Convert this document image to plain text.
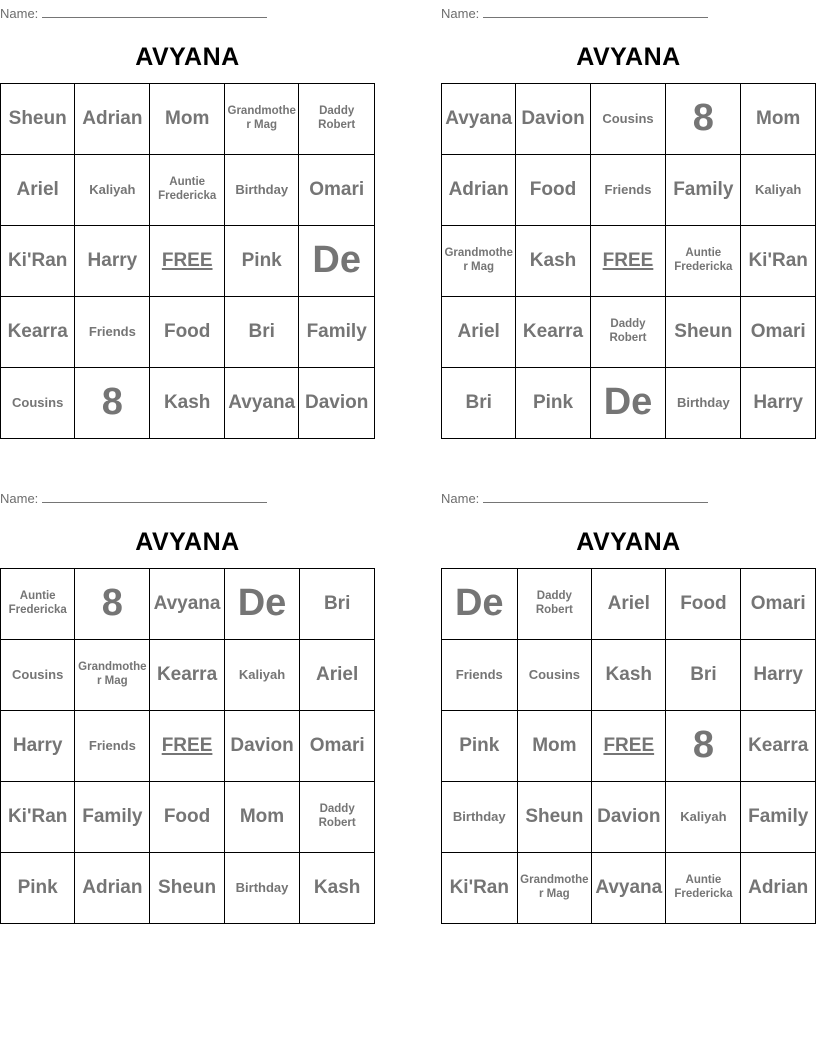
Name:
AVYANA
Sheun	Adrian	Mom	Grandmother Mag	Daddy Robert
Ariel	Kaliyah	Auntie Fredericka	Birthday	Omari
Ki'Ran	Harry	FREE	Pink	De
Kearra	Friends	Food	Bri	Family
Cousins	8	Kash	Avyana	Davion
Name:
AVYANA
Avyana	Davion	Cousins	8	Mom
Adrian	Food	Friends	Family	Kaliyah
Grandmother Mag	Kash	FREE	Auntie Fredericka	Ki'Ran
Ariel	Kearra	Daddy Robert	Sheun	Omari
Bri	Pink	De	Birthday	Harry
Name:
AVYANA
Auntie Fredericka	8	Avyana	De	Bri
Cousins	Grandmother Mag	Kearra	Kaliyah	Ariel
Harry	Friends	FREE	Davion	Omari
Ki'Ran	Family	Food	Mom	Daddy Robert
Pink	Adrian	Sheun	Birthday	Kash
Name:
AVYANA
De	Daddy Robert	Ariel	Food	Omari
Friends	Cousins	Kash	Bri	Harry
Pink	Mom	FREE	8	Kearra
Birthday	Sheun	Davion	Kaliyah	Family
Ki'Ran	Grandmother Mag	Avyana	Auntie Fredericka	Adrian
